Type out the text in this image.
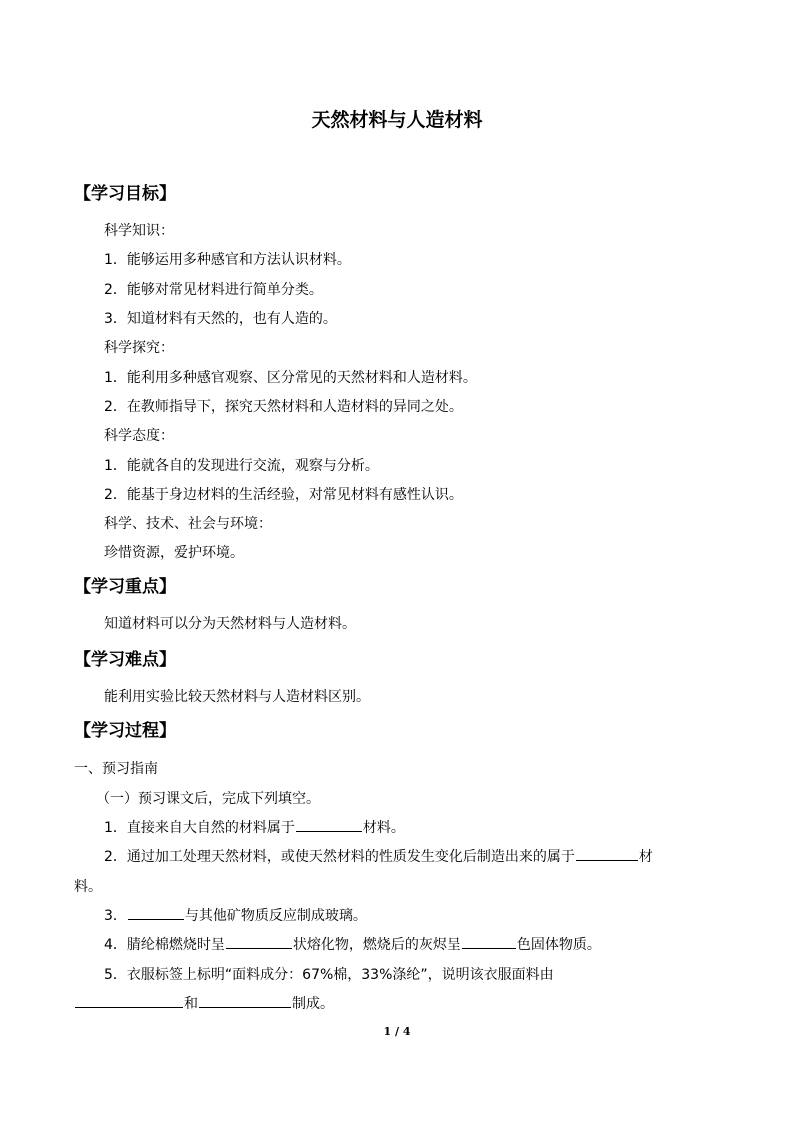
天然材料与人造材料
【学习目标】
科学知识：
1．能够运用多种感官和方法认识材料。
2．能够对常见材料进行简单分类。
3．知道材料有天然的，也有人造的。
科学探究：
1．能利用多种感官观察、区分常见的天然材料和人造材料。
2．在教师指导下，探究天然材料和人造材料的异同之处。
科学态度：
1．能就各自的发现进行交流，观察与分析。
2．能基于身边材料的生活经验，对常见材料有感性认识。
科学、技术、社会与环境：
珍惜资源，爱护环境。
【学习重点】
知道材料可以分为天然材料与人造材料。
【学习难点】
能利用实验比较天然材料与人造材料区别。
【学习过程】
一、预习指南
（一）预习课文后，完成下列填空。
1．直接来自大自然的材料属于	材料。
2．通过加工处理天然材料，或使天然材料的性质发生变化后制造出来的属于	材
料。
3．	与其他矿物质反应制成玻璃。
4．腈纶棉燃烧时呈	状熔化物，燃烧后的灰烬呈	色固体物质。
5．衣服标签上标明“面料成分：67%棉，33%涤纶”，说明该衣服面料由
和	制成。
1 / 4
